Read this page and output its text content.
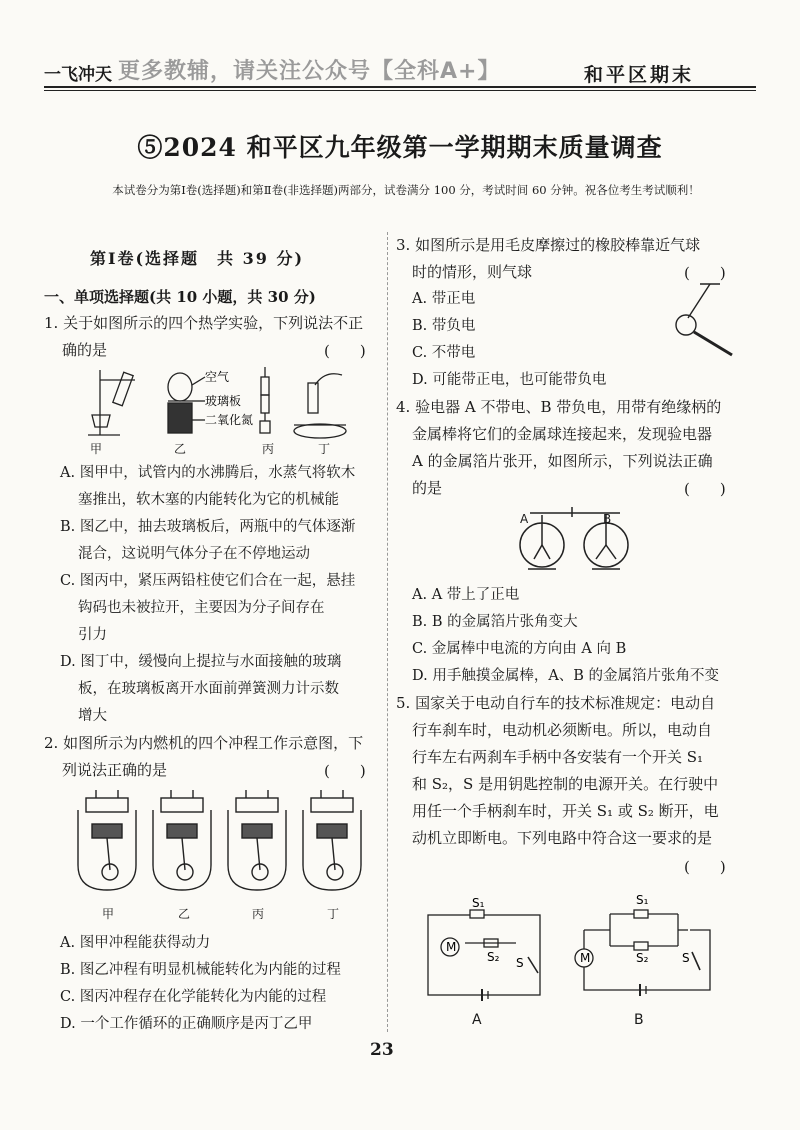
一飞冲天 更多教辅，请关注公众号【全科A+】	和平区期末
⑤2024 和平区九年级第一学期期末质量调查
本试卷分为第Ⅰ卷(选择题)和第Ⅱ卷(非选择题)两部分，试卷满分 100 分，考试时间 60 分钟。祝各位考生考试顺利！
第Ⅰ卷(选择题　共 39 分)
一、单项选择题(共 10 小题，共 30 分)
1. 关于如图所示的四个热学实验，下列说法不正
确的是	(　　)
空气
玻璃板
二氧化氮
甲	乙	丙	丁
A. 图甲中，试管内的水沸腾后，水蒸气将软木
塞推出，软木塞的内能转化为它的机械能
B. 图乙中，抽去玻璃板后，两瓶中的气体逐渐
混合，这说明气体分子在不停地运动
C. 图丙中，紧压两铅柱使它们合在一起，悬挂
钩码也未被拉开，主要因为分子间存在
引力
D. 图丁中，缓慢向上提拉与水面接触的玻璃
板，在玻璃板离开水面前弹簧测力计示数
增大
2. 如图所示为内燃机的四个冲程工作示意图，下
列说法正确的是	(　　)
甲	乙	丙	丁
A. 图甲冲程能获得动力
B. 图乙冲程有明显机械能转化为内能的过程
C. 图丙冲程存在化学能转化为内能的过程
D. 一个工作循环的正确顺序是丙丁乙甲
3. 如图所示是用毛皮摩擦过的橡胶棒靠近气球
时的情形，则气球	(　　)
A. 带正电
B. 带负电
C. 不带电
D. 可能带正电，也可能带负电
4. 验电器 A 不带电、B 带负电，用带有绝缘柄的
金属棒将它们的金属球连接起来，发现验电器
A 的金属箔片张开，如图所示，下列说法正确
的是	(　　)
A	B
A. A 带上了正电
B. B 的金属箔片张角变大
C. 金属棒中电流的方向由 A 向 B
D. 用手触摸金属棒，A、B 的金属箔片张角不变
5. 国家关于电动自行车的技术标准规定：电动自
行车刹车时，电动机必须断电。所以，电动自
行车左右两刹车手柄中各安装有一个开关 S₁
和 S₂，S 是用钥匙控制的电源开关。在行驶中
用任一个手柄刹车时，开关 S₁ 或 S₂ 断开，电
动机立即断电。下列电路中符合这一要求的是
(　　)
M
S₁
S₂ S
A
M
S₁
S₂	S
B
23
